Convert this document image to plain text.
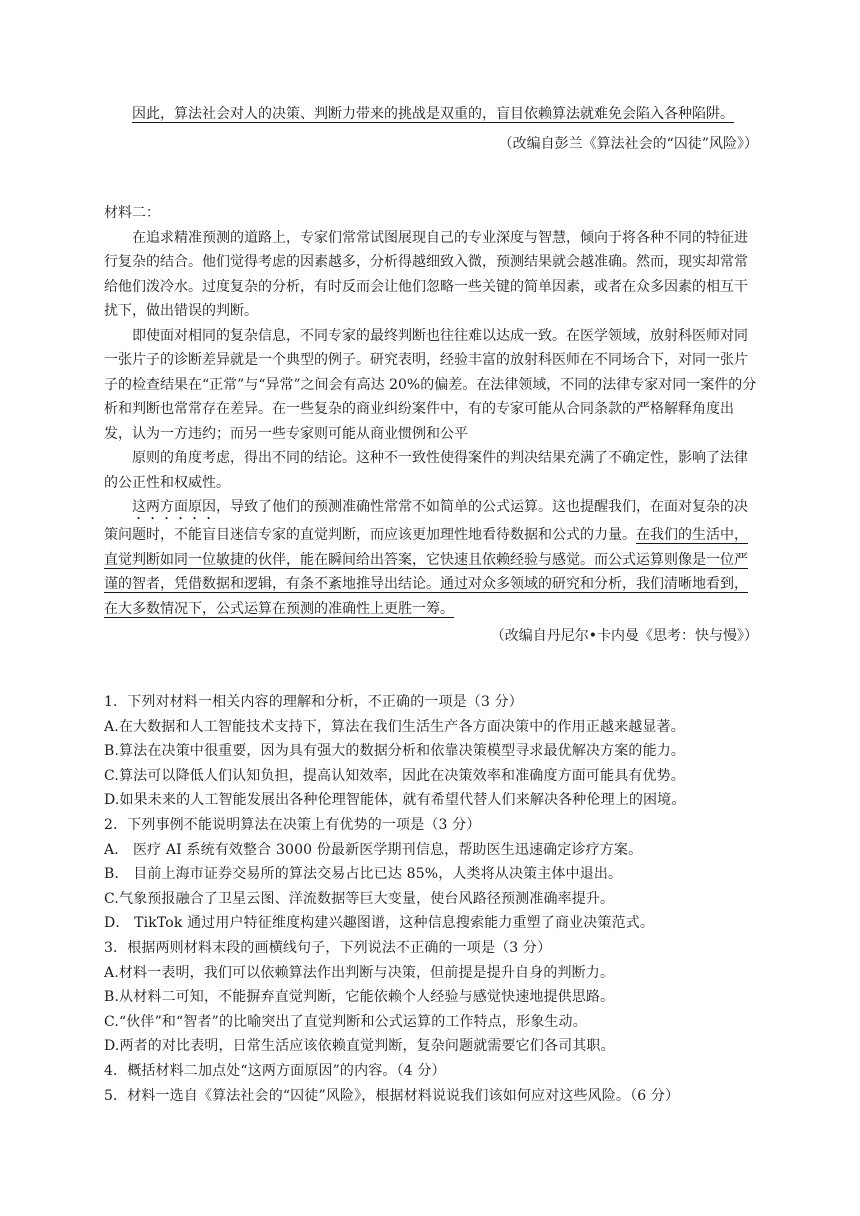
因此，算法社会对人的决策、判断力带来的挑战是双重的，盲目依赖算法就难免会陷入各种陷阱。

（改编自彭兰《算法社会的“囚徒”风险》）

材料二：

在追求精准预测的道路上，专家们常常试图展现自己的专业深度与智慧，倾向于将各种不同的特征进行复杂的结合。他们觉得考虑的因素越多，分析得越细致入微，预测结果就会越准确。然而，现实却常常给他们泼冷水。过度复杂的分析，有时反而会让他们忽略一些关键的简单因素，或者在众多因素的相互干扰下，做出错误的判断。

即使面对相同的复杂信息，不同专家的最终判断也往往难以达成一致。在医学领域，放射科医师对同一张片子的诊断差异就是一个典型的例子。研究表明，经验丰富的放射科医师在不同场合下，对同一张片子的检查结果在“正常”与“异常”之间会有高达 20%的偏差。在法律领域，不同的法律专家对同一案件的分析和判断也常常存在差异。在一些复杂的商业纠纷案件中，有的专家可能从合同条款的严格解释角度出发，认为一方违约；而另一些专家则可能从商业惯例和公平

原则的角度考虑，得出不同的结论。这种不一致性使得案件的判决结果充满了不确定性，影响了法律的公正性和权威性。

这两方面原因，导致了他们的预测准确性常常不如简单的公式运算。这也提醒我们，在面对复杂的决策问题时，不能盲目迷信专家的直觉判断，而应该更加理性地看待数据和公式的力量。在我们的生活中，直觉判断如同一位敏捷的伙伴，能在瞬间给出答案，它快速且依赖经验与感觉。而公式运算则像是一位严谨的智者，凭借数据和逻辑，有条不紊地推导出结论。通过对众多领域的研究和分析，我们清晰地看到，在大多数情况下，公式运算在预测的准确性上更胜一筹。

（改编自丹尼尔•卡内曼《思考：快与慢》）

1．下列对材料一相关内容的理解和分析，不正确的一项是（3 分）

A.在大数据和人工智能技术支持下，算法在我们生活生产各方面决策中的作用正越来越显著。

B.算法在决策中很重要，因为具有强大的数据分析和依靠决策模型寻求最优解决方案的能力。

C.算法可以降低人们认知负担，提高认知效率，因此在决策效率和准确度方面可能具有优势。

D.如果未来的人工智能发展出各种伦理智能体，就有希望代替人们来解决各种伦理上的困境。

2．下列事例不能说明算法在决策上有优势的一项是（3 分）

A． 医疗 AI 系统有效整合 3000 份最新医学期刊信息，帮助医生迅速确定诊疗方案。

B． 目前上海市证券交易所的算法交易占比已达 85%，人类将从决策主体中退出。

C.气象预报融合了卫星云图、洋流数据等巨大变量，使台风路径预测准确率提升。

D． TikTok 通过用户特征维度构建兴趣图谱，这种信息搜索能力重塑了商业决策范式。

3．根据两则材料末段的画横线句子，下列说法不正确的一项是（3 分）

A.材料一表明，我们可以依赖算法作出判断与决策，但前提是提升自身的判断力。

B.从材料二可知，不能摒弃直觉判断，它能依赖个人经验与感觉快速地提供思路。

C.“伙伴”和“智者”的比喻突出了直觉判断和公式运算的工作特点，形象生动。

D.两者的对比表明，日常生活应该依赖直觉判断，复杂问题就需要它们各司其职。

4．概括材料二加点处“这两方面原因”的内容。（4 分）

5．材料一选自《算法社会的“囚徒”风险》，根据材料说说我们该如何应对这些风险。（6 分）
